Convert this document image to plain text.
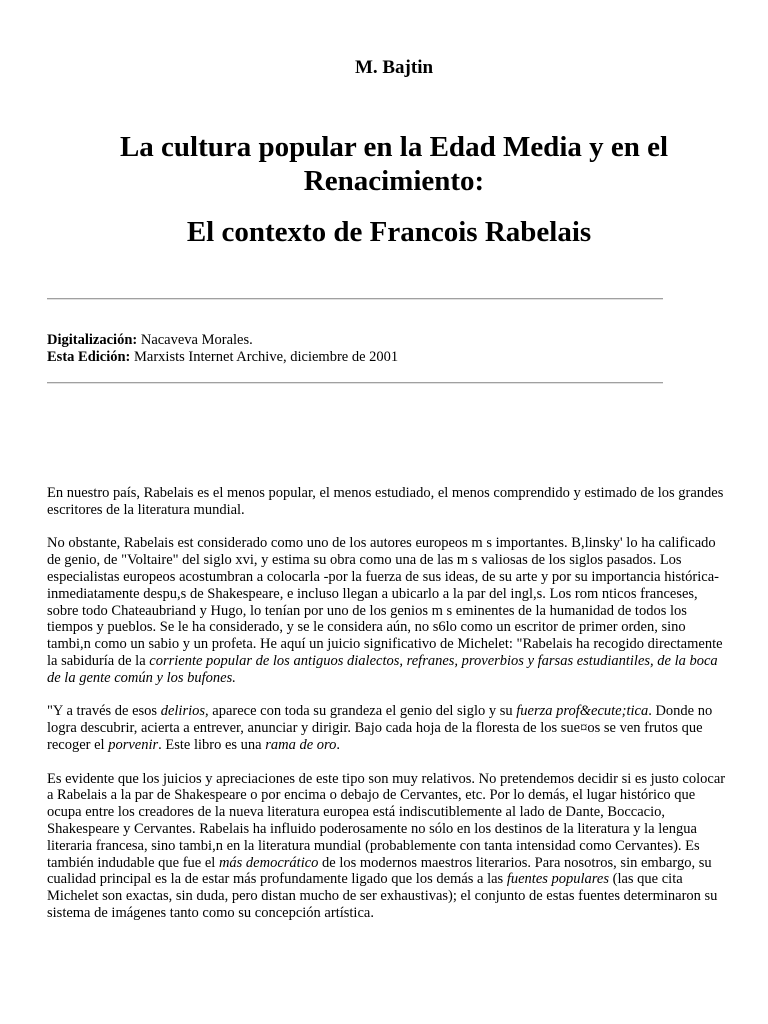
M. Bajtin
La cultura popular en la Edad Media y en el Renacimiento:
El contexto de Francois Rabelais
Digitalización: Nacaveva Morales.
Esta Edición: Marxists Internet Archive, diciembre de 2001

En nuestro país, Rabelais es el menos popular, el menos estudiado, el menos comprendido y estimado de los grandes escritores de la literatura mundial.

No obstante, Rabelais est considerado como uno de los autores europeos m s importantes. B,linsky' lo ha calificado de genio, de "Voltaire" del siglo xvi, y estima su obra como una de las m s valiosas de los siglos pasados. Los especialistas europeos acostumbran a colocarla -por la fuerza de sus ideas, de su arte y por su importancia histórica- inmediatamente despu,s de Shakespeare, e incluso llegan a ubicarlo a la par del ingl,s. Los rom nticos franceses, sobre todo Chateaubriand y Hugo, lo tenían por uno de los genios m s eminentes de la humanidad de todos los tiempos y pueblos. Se le ha considerado, y se le considera aún, no s6lo como un escritor de primer orden, sino tambi,n como un sabio y un profeta. He aquí un juicio significativo de Michelet: "Rabelais ha recogido directamente la sabiduría de la corriente popular de los antiguos dialectos, refranes, proverbios y farsas estudiantiles, de la boca de la gente común y los bufones.

"Y a través de esos delirios, aparece con toda su grandeza el genio del siglo y su fuerza prof&ecute;tica. Donde no logra descubrir, acierta a entrever, anunciar y dirigir. Bajo cada hoja de la floresta de los sue¤os se ven frutos que recoger el porvenir. Este libro es una rama de oro.

Es evidente que los juicios y apreciaciones de este tipo son muy relativos. No pretendemos decidir si es justo colocar a Rabelais a la par de Shakespeare o por encima o debajo de Cervantes, etc. Por lo demás, el lugar histórico que ocupa entre los creadores de la nueva literatura europea está indiscutiblemente al lado de Dante, Boccacio, Shakespeare y Cervantes. Rabelais ha influido poderosamente no sólo en los destinos de la literatura y la lengua literaria francesa, sino tambi,n en la literatura mundial (probablemente con tanta intensidad como Cervantes). Es también indudable que fue el más democrático de los modernos maestros literarios. Para nosotros, sin embargo, su cualidad principal es la de estar más profundamente ligado que los demás a las fuentes populares (las que cita Michelet son exactas, sin duda, pero distan mucho de ser exhaustivas); el conjunto de estas fuentes determinaron su sistema de imágenes tanto como su concepción artística.
